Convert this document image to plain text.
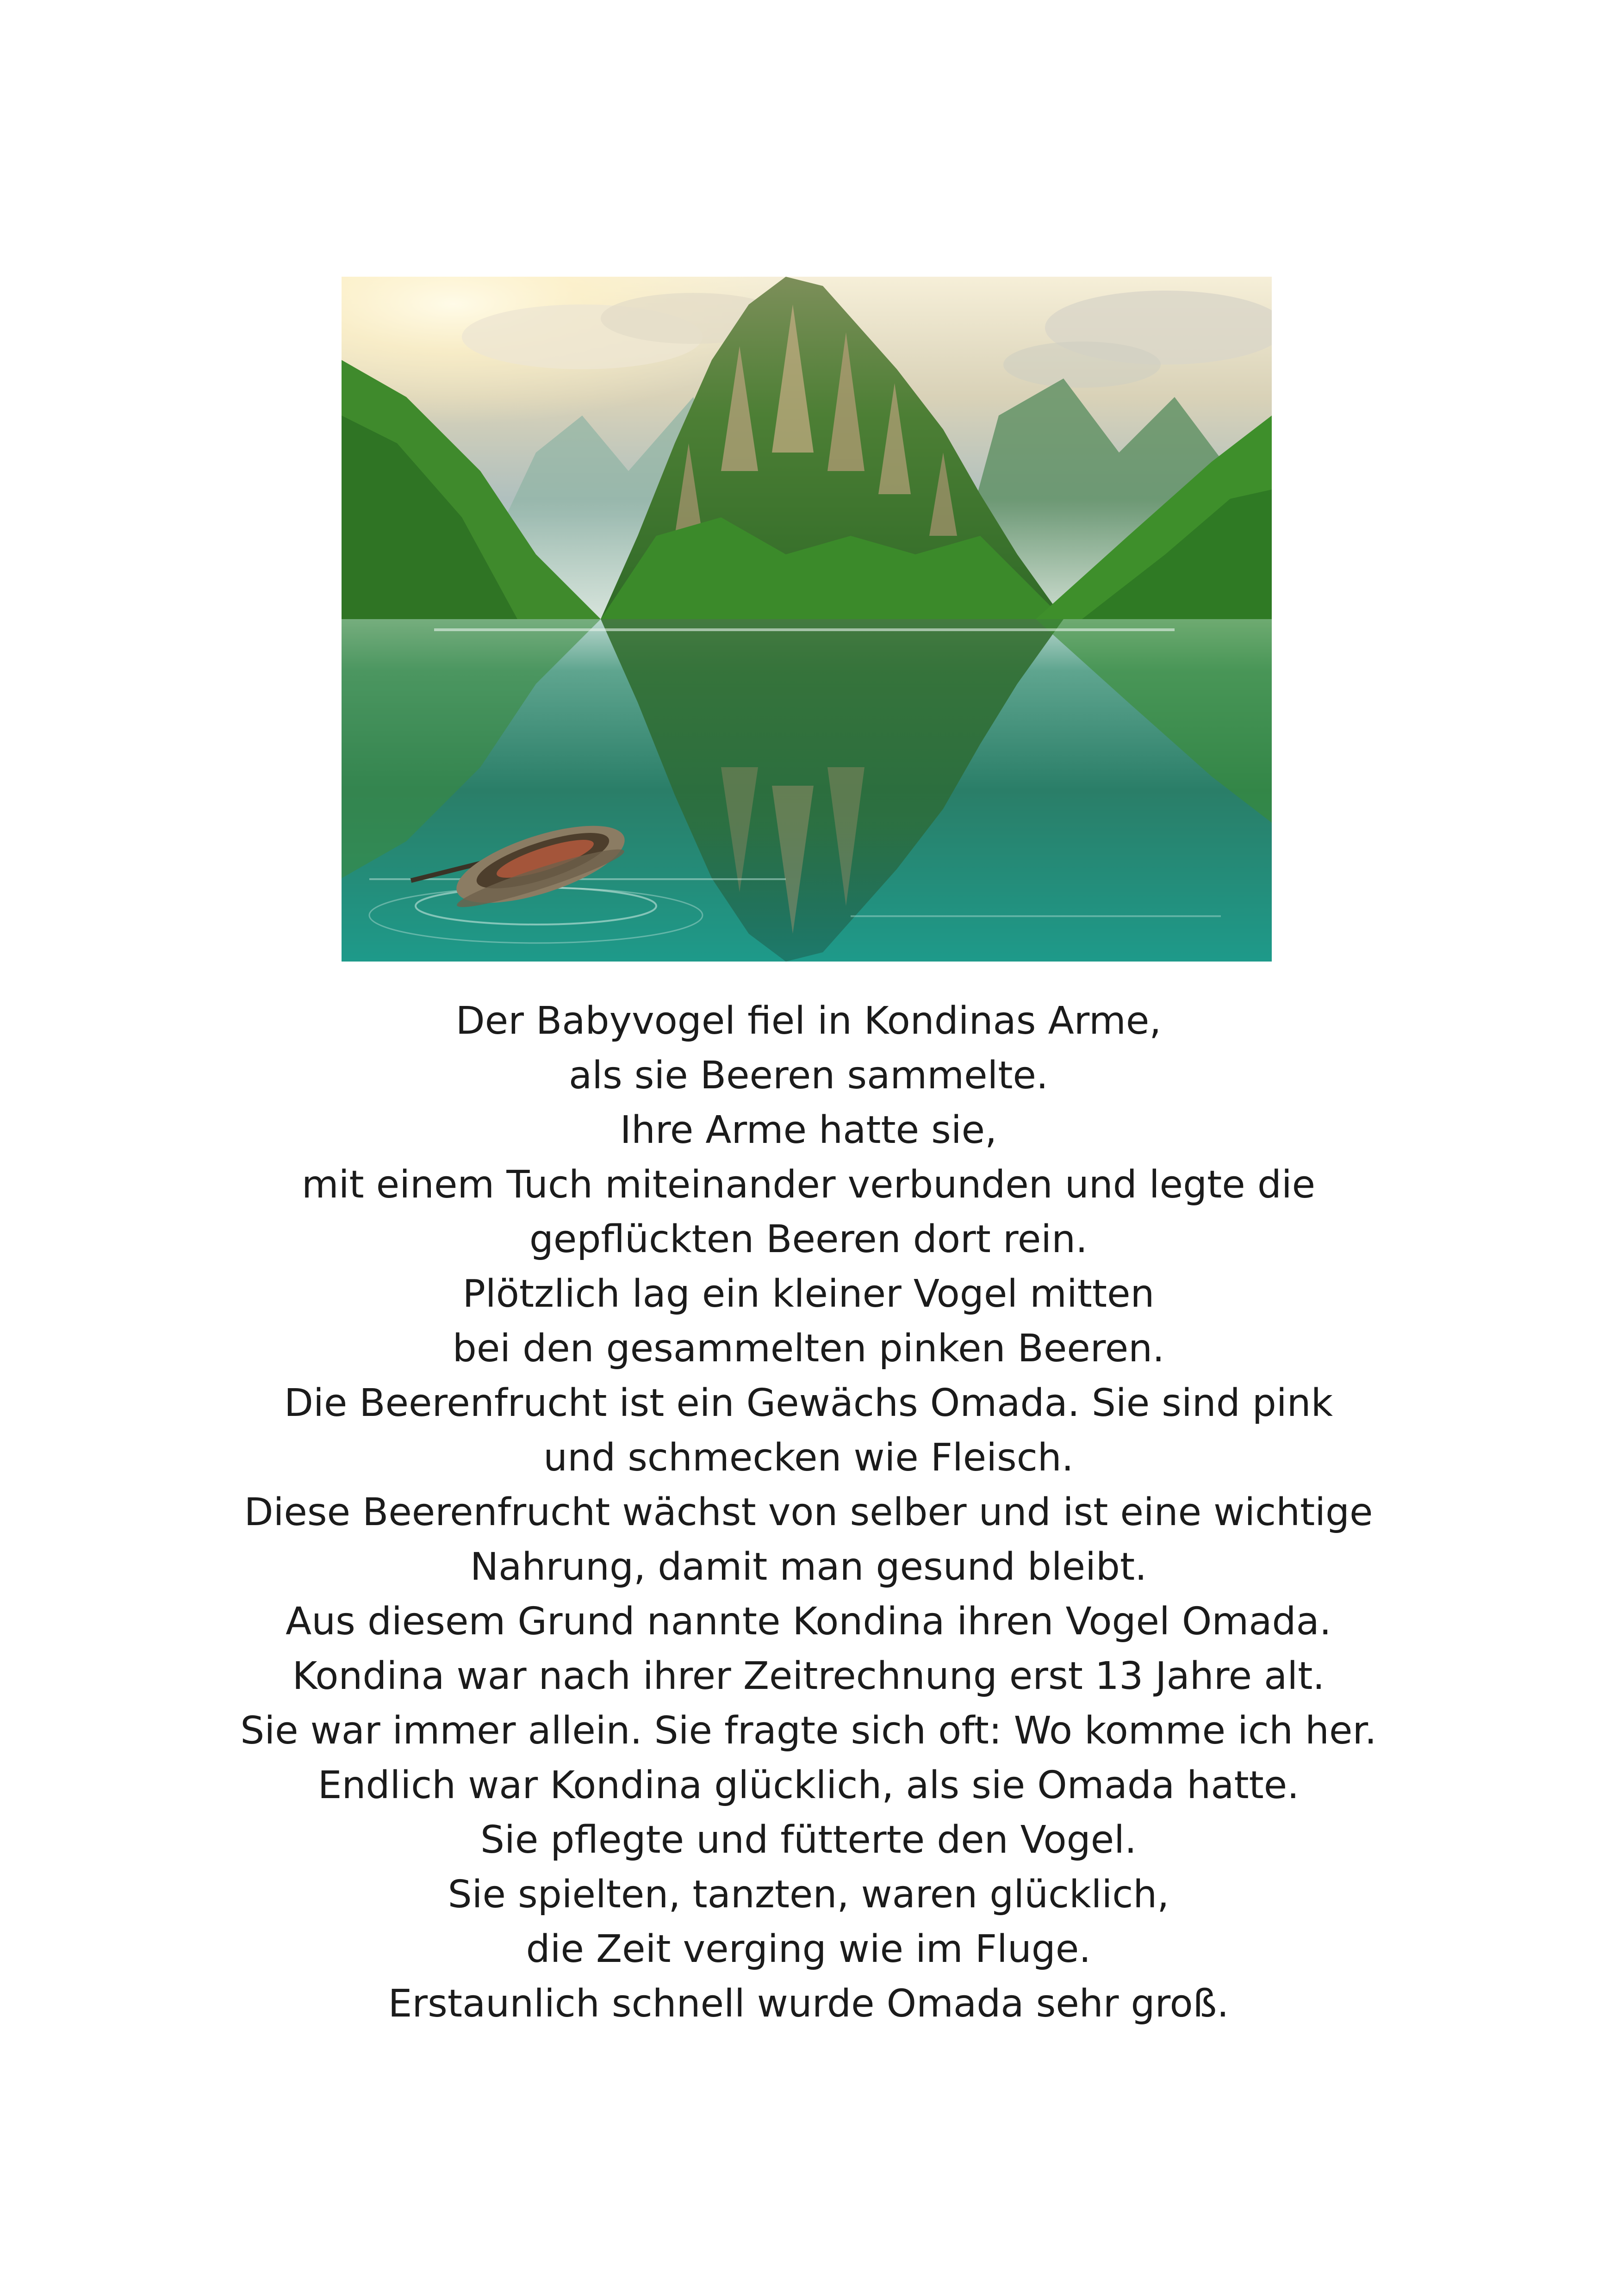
Der Babyvogel fiel in Kondinas Arme,
als sie Beeren sammelte.
Ihre Arme hatte sie,
mit einem Tuch miteinander verbunden und legte die
gepflückten Beeren dort rein.
Plötzlich lag ein kleiner Vogel mitten
bei den gesammelten pinken Beeren.
Die Beerenfrucht ist ein Gewächs Omada. Sie sind pink
und schmecken wie Fleisch.
Diese Beerenfrucht wächst von selber und ist eine wichtige
Nahrung, damit man gesund bleibt.
Aus diesem Grund nannte Kondina ihren Vogel Omada.
Kondina war nach ihrer Zeitrechnung erst 13 Jahre alt.
Sie war immer allein. Sie fragte sich oft: Wo komme ich her.
Endlich war Kondina glücklich, als sie Omada hatte.
Sie pflegte und fütterte den Vogel.
Sie spielten, tanzten, waren glücklich,
die Zeit verging wie im Fluge.
Erstaunlich schnell wurde Omada sehr groß.
